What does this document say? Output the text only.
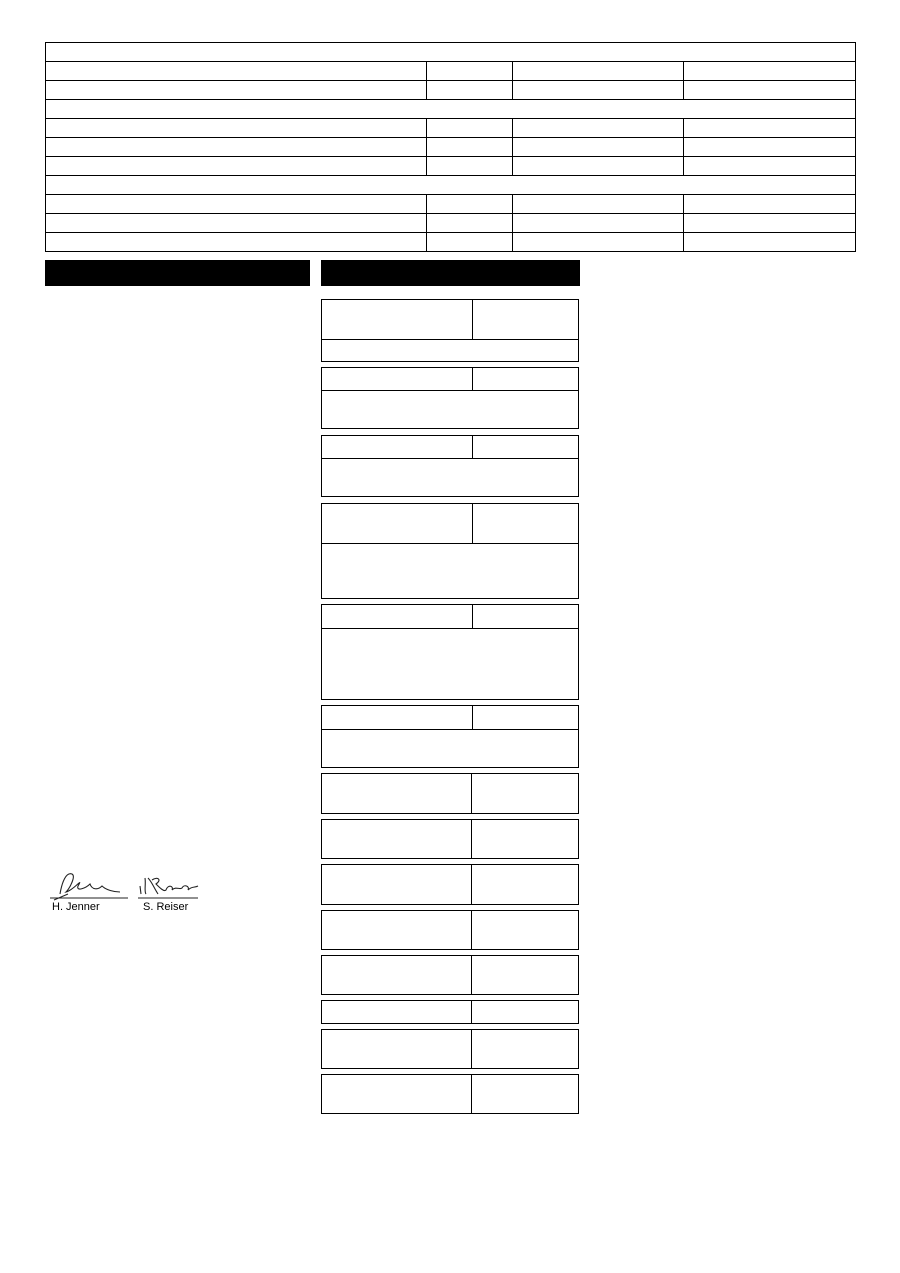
H. Jenner	S. Reiser
